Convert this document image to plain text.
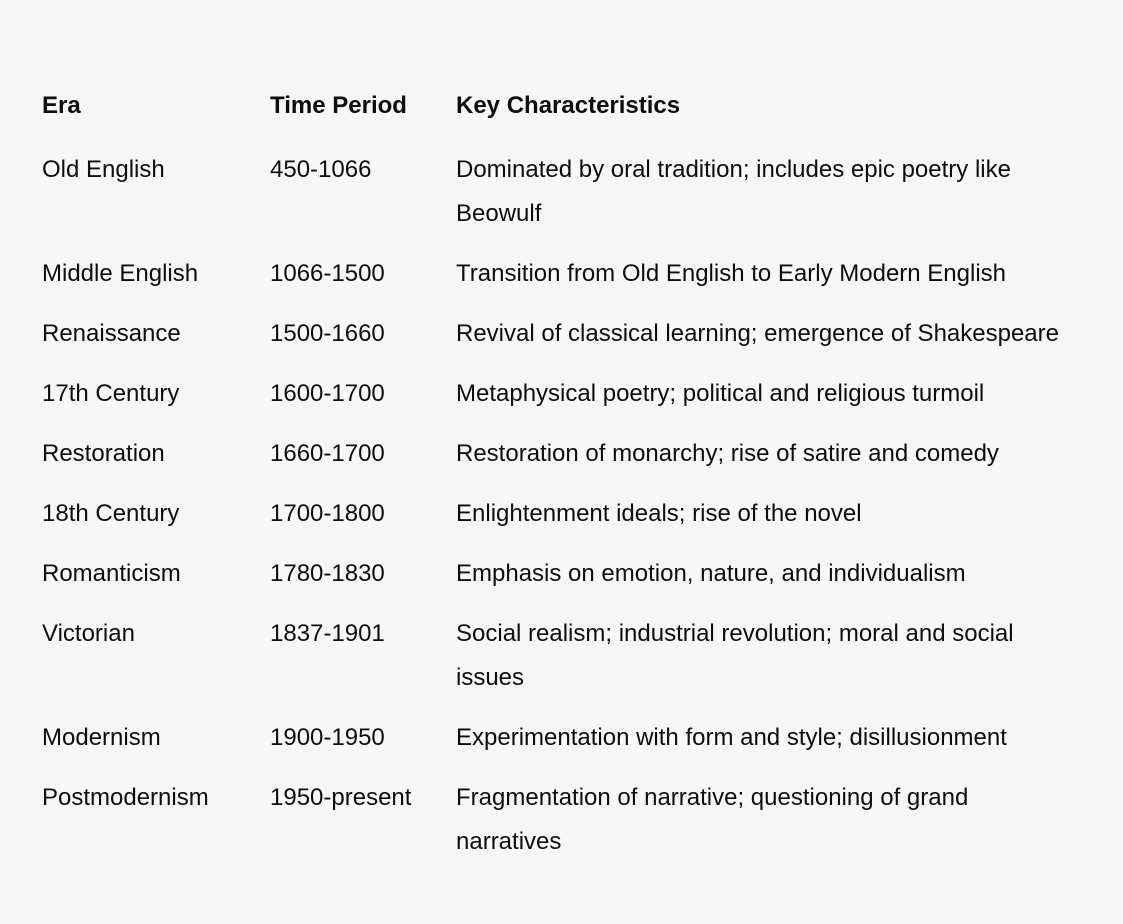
Era	Time Period	Key Characteristics
Old English	450-1066	Dominated by oral tradition; includes epic poetry like Beowulf
Middle English	1066-1500	Transition from Old English to Early Modern English
Renaissance	1500-1660	Revival of classical learning; emergence of Shakespeare
17th Century	1600-1700	Metaphysical poetry; political and religious turmoil
Restoration	1660-1700	Restoration of monarchy; rise of satire and comedy
18th Century	1700-1800	Enlightenment ideals; rise of the novel
Romanticism	1780-1830	Emphasis on emotion, nature, and individualism
Victorian	1837-1901	Social realism; industrial revolution; moral and social issues
Modernism	1900-1950	Experimentation with form and style; disillusionment
Postmodernism	1950-present	Fragmentation of narrative; questioning of grand narratives
